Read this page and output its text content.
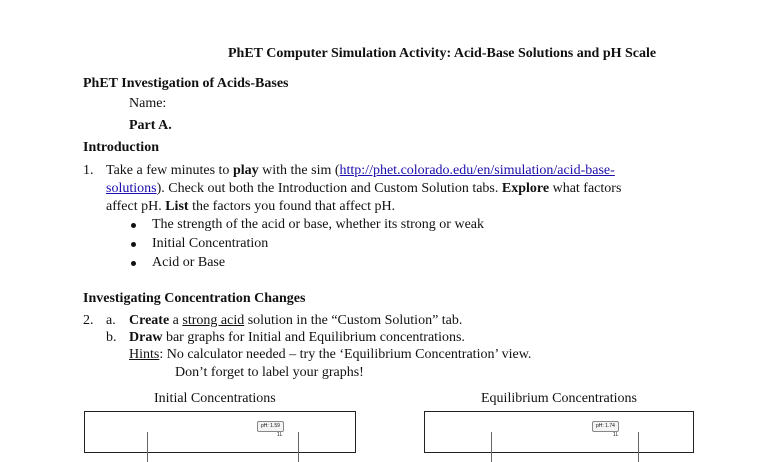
PhET Computer Simulation Activity: Acid-Base Solutions and pH Scale
PhET Investigation of Acids-Bases
Name:
Part A.
Introduction
1. Take a few minutes to play with the sim (http://phet.colorado.edu/en/simulation/acid-base-
solutions). Check out both the Introduction and Custom Solution tabs. Explore what factors
affect pH. List the factors you found that affect pH.
The strength of the acid or base, whether its strong or weak
Initial Concentration
Acid or Base
Investigating Concentration Changes
2. a. Create a strong acid solution in the “Custom Solution” tab.
b. Draw bar graphs for Initial and Equilibrium concentrations.
Hints: No calculator needed – try the ‘Equilibrium Concentration’ view.
Don’t forget to label your graphs!
Initial Concentrations	Equilibrium Concentrations
pH: 1.59
1L
pH: 1.74
1L
